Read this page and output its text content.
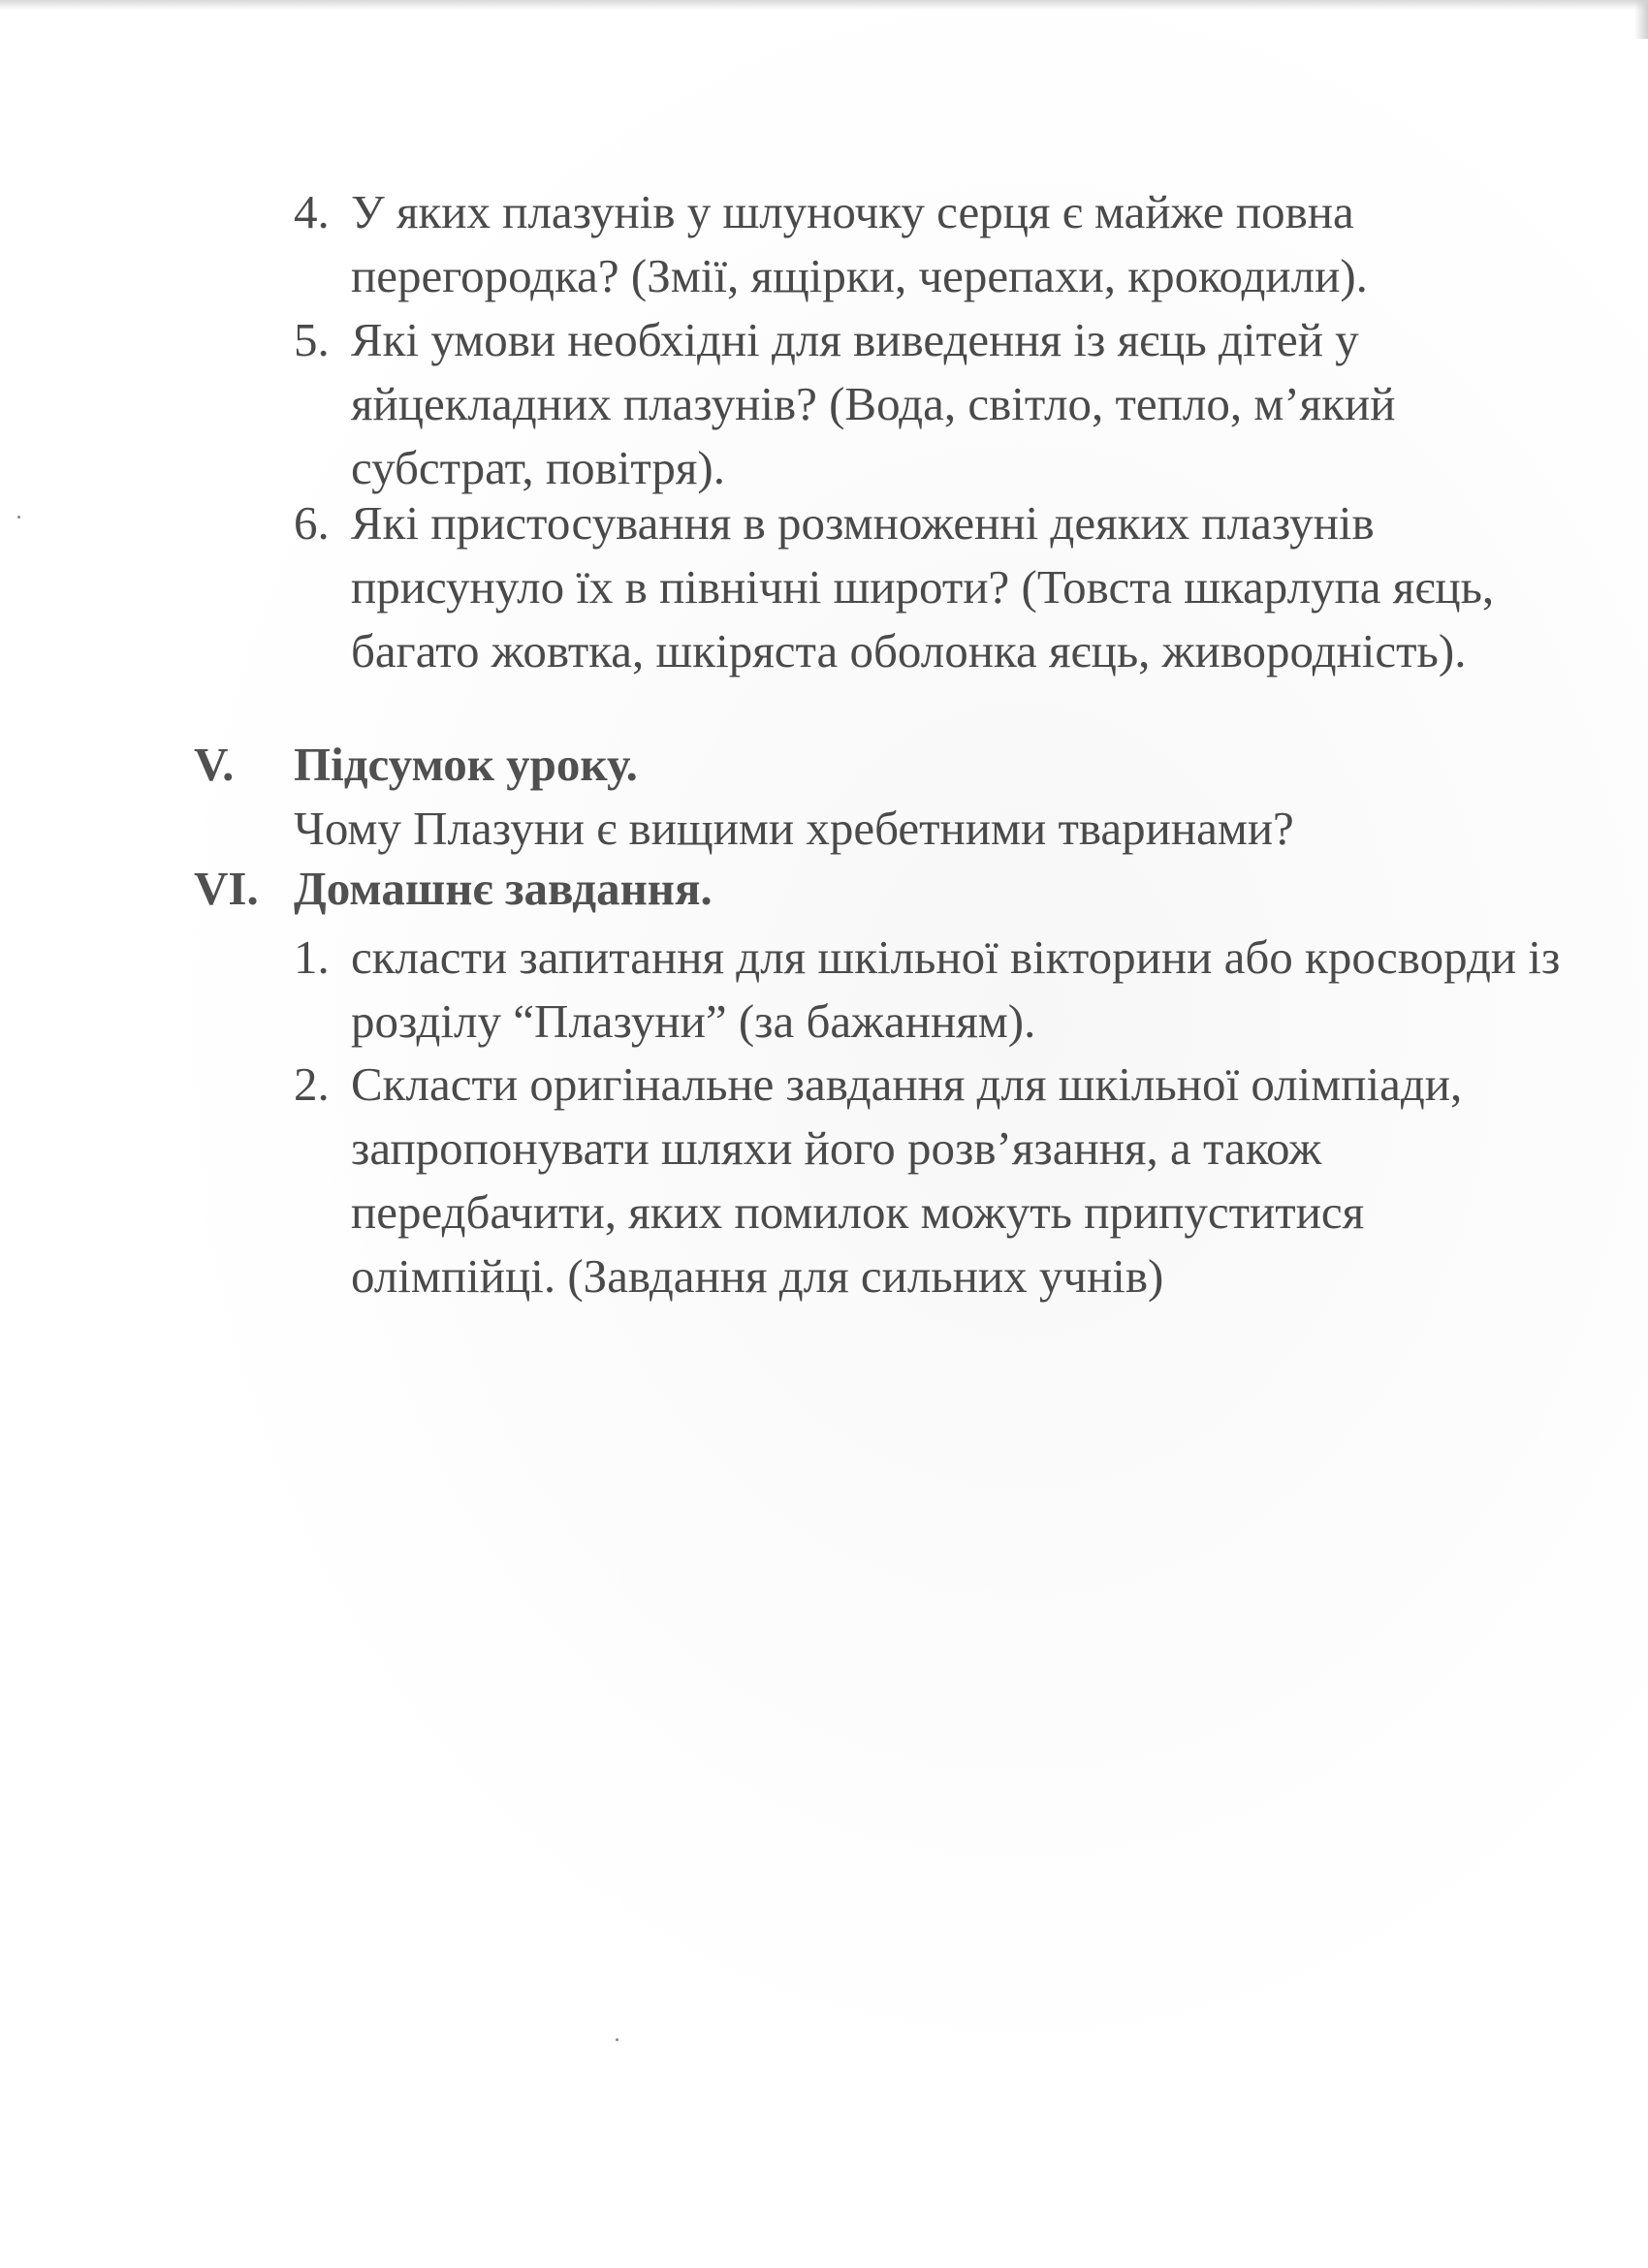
4. У яких плазунів у шлуночку серця є майже повна перегородка? (Змії, ящірки, черепахи, крокодили).
5. Які умови необхідні для виведення із яєць дітей у яйцекладних плазунів? (Вода, світло, тепло, м’який субстрат, повітря).
6. Які пристосування в розмноженні деяких плазунів присунуло їх в північні широти? (Товста шкарлупа яєць, багато жовтка, шкіряста оболонка яєць, живородність).
V. Підсумок уроку.
Чому Плазуни є вищими хребетними тваринами?
VI. Домашнє завдання.
1. скласти запитання для шкільної вікторини або кросворди із розділу “Плазуни” (за бажанням).
2. Скласти оригінальне завдання для шкільної олімпіади, запропонувати шляхи його розв’язання, а також передбачити, яких помилок можуть припуститися олімпійці. (Завдання для сильних учнів)
